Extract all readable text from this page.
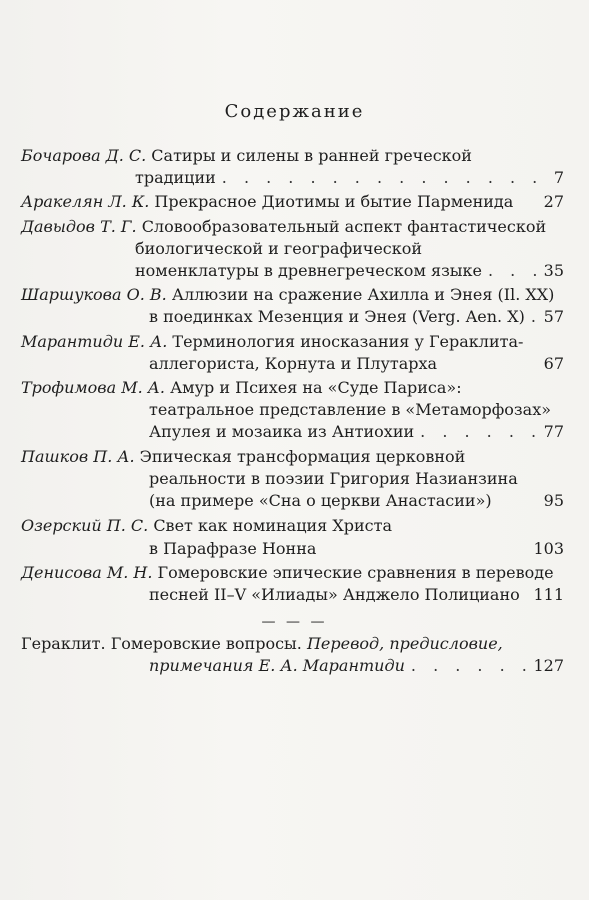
Содержание
Бочарова Д. С.
Сатиры и силены в ранней греческой
традиции . . .	7
Аракелян Л. К.
Прекрасное Диотимы и бытие Парменида 27
Давыдов Т. Г.
Словообразовательный аспект фантастической
биологической и географической
номенклатуры в древнегреческом языке . . .	35
Шаршукова О. В.
Аллюзии на сражение Ахилла и Энея (Il. XX)
в поединках Мезенция и Энея (Verg. Aen. X) . . . 57
Марантиди Е. А.
Терминология иносказания у Гераклита-
аллегориста, Корнута и Плутарха	67
Трофимова М. А.
Амур и Психея на «Суде Париса»:
театральное представление в «Метаморфозах»
Апулея и мозаика из Антиохии . . .	77
Пашков П. А.
Эпическая трансформация церковной
реальности в поэзии Григория Назианзина
(на примере «Сна о церкви Анастасии»)	95
Озерский П. С.
Свет как номинация Христа
в Парафразе Нонна	103
Денисова М. Н.
Гомеровские эпические сравнения в переводе
песней II–V «Илиады» Анджело Полициано . . . 111
— — —
Гераклит. Гомеровские вопросы. Перевод, предисловие,
примечания Е. А. Марантиди . . .	127
